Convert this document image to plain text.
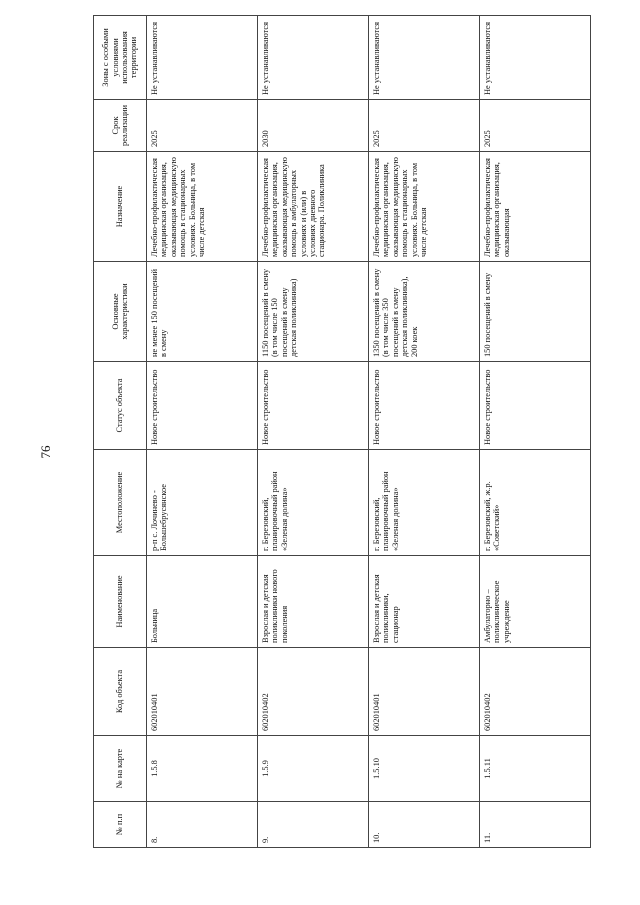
76
№ п.п	№ на карте	Код объекта	Наименование	Местоположение	Статус объекта	Основные характеристики	Назначение	Срок реализации	Зоны с особыми условиями использования территории
8.	1.5.8	602010401	Больница	р-п с. Лочинево - Большебрусянское	Новое строительство	не менее 150 посещений в смену	Лечебно-профилактическая медицинская организация, оказывающая медицинскую помощь в стационарных условиях. Больница, в том числе детская	2025	Не устанавливаются
9.	1.5.9	602010402	Взрослая и детская поликлиники нового поколения	г. Березовский, планировочный район «Зеленая долина»	Новое строительство	1150 посещений в смену (в том числе 150 посещений в смену детская поликлиника)	Лечебно-профилактическая медицинская организация, оказывающая медицинскую помощь в амбулаторных условиях и (или) в условиях дневного стационара. Поликлиника	2030	Не устанавливаются
10.	1.5.10	602010401	Взрослая и детская поликлиники, стационар	г. Березовский, планировочный район «Зеленая долина»	Новое строительство	1350 посещений в смену (в том числе 350 посещений в смену детская поликлиника), 200 коек	Лечебно-профилактическая медицинская организация, оказывающая медицинскую помощь в стационарных условиях. Больница, в том числе детская	2025	Не устанавливаются
11.	1.5.11	602010402	Амбулаторно – поликлиническое учреждение	г. Березовский, ж.р. «Советский»	Новое строительство	150 посещений в смену	Лечебно-профилактическая медицинская организация, оказывающая	2025	Не устанавливаются
